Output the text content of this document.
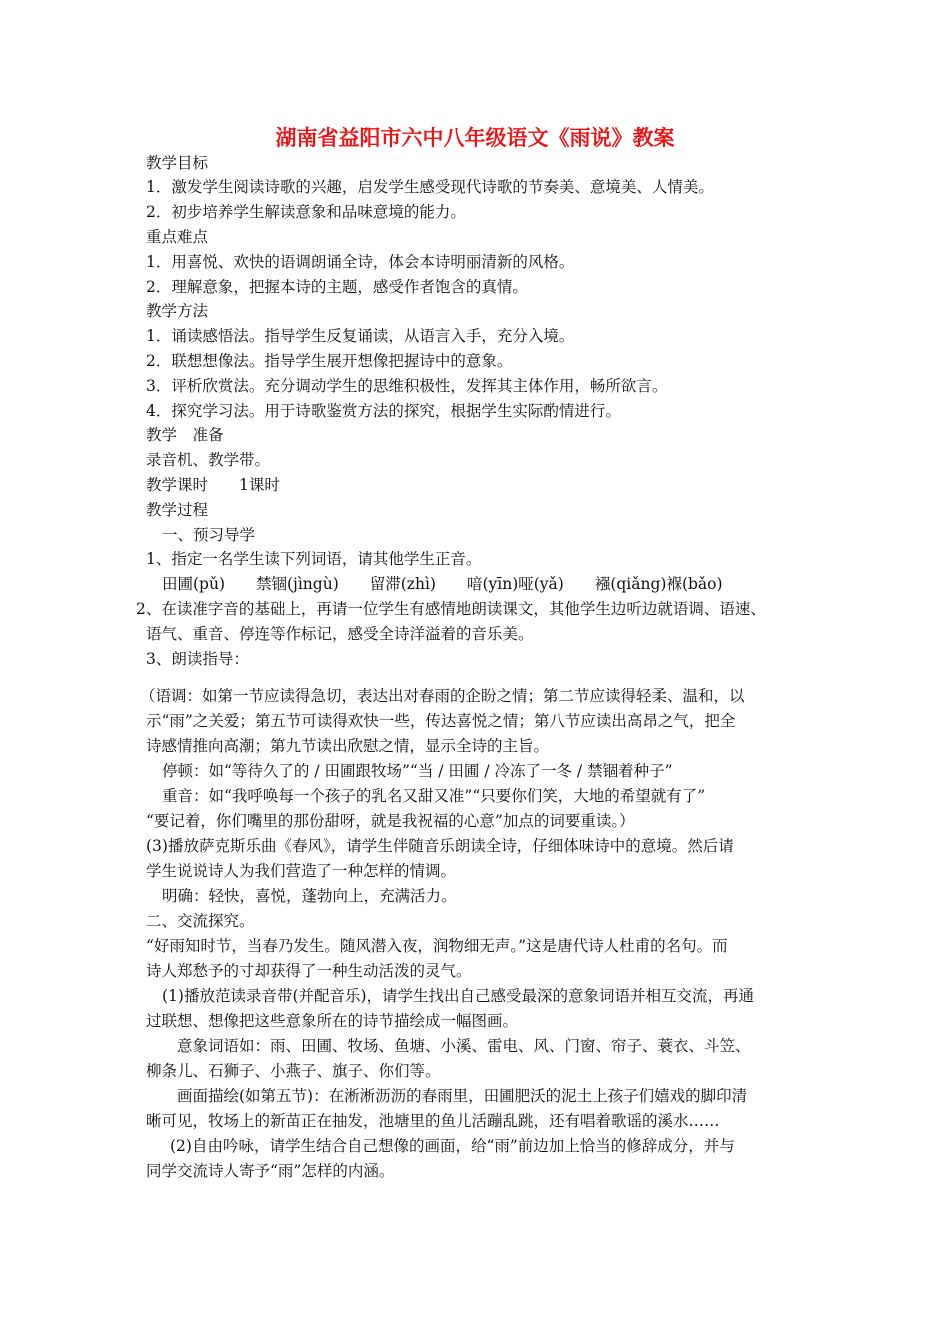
湖南省益阳市六中八年级语文《雨说》教案
教学目标
1．激发学生阅读诗歌的兴趣，启发学生感受现代诗歌的节奏美、意境美、人情美。
2．初步培养学生解读意象和品味意境的能力。
重点难点
1．用喜悦、欢快的语调朗诵全诗，体会本诗明丽清新的风格。
2．理解意象，把握本诗的主题，感受作者饱含的真情。
教学方法
1．诵读感悟法。指导学生反复诵读，从语言入手，充分入境。
2．联想想像法。指导学生展开想像把握诗中的意象。
3．评析欣赏法。充分调动学生的思维积极性，发挥其主体作用，畅所欲言。
4．探究学习法。用于诗歌鉴赏方法的探究，根据学生实际酌情进行。
教学　准备
录音机、教学带。
教学课时　　1课时
教学过程
一、预习导学
1、指定一名学生读下列词语，请其他学生正音。
田圃(pǔ)　　禁锢(jìngù)　　留滞(zhì)　　喑(yīn)哑(yǎ)　　襁(qiǎng)褓(bǎo)
2、在读准字音的基础上，再请一位学生有感情地朗读课文，其他学生边听边就语调、语速、
语气、重音、停连等作标记，感受全诗洋溢着的音乐美。
3、朗读指导：
（语调：如第一节应读得急切，表达出对春雨的企盼之情；第二节应读得轻柔、温和，以
示“雨”之关爱；第五节可读得欢快一些，传达喜悦之情；第八节应读出高昂之气，把全
诗感情推向高潮；第九节读出欣慰之情，显示全诗的主旨。
停顿：如“等待久了的 / 田圃跟牧场”“当 / 田圃 / 冷冻了一冬 / 禁锢着种子”
重音：如“我呼唤每一个孩子的乳名又甜又准”“只要你们笑，大地的希望就有了”
“要记着，你们嘴里的那份甜呀，就是我祝福的心意”加点的词要重读。）
(3)播放萨克斯乐曲《春风》，请学生伴随音乐朗读全诗，仔细体味诗中的意境。然后请
学生说说诗人为我们营造了一种怎样的情调。
明确：轻快，喜悦，蓬勃向上，充满活力。
二、交流探究。
“好雨知时节，当春乃发生。随风潜入夜，润物细无声。”这是唐代诗人杜甫的名句。而
诗人郑愁予的寸却获得了一种生动活泼的灵气。
(1)播放范读录音带(并配音乐)，请学生找出自己感受最深的意象词语并相互交流，再通
过联想、想像把这些意象所在的诗节描绘成一幅图画。
意象词语如：雨、田圃、牧场、鱼塘、小溪、雷电、风、门窗、帘子、蓑衣、斗笠、
柳条儿、石狮子、小燕子、旗子、你们等。
画面描绘(如第五节)：在淅淅沥沥的春雨里，田圃肥沃的泥土上孩子们嬉戏的脚印清
晰可见，牧场上的新苗正在抽发，池塘里的鱼儿活蹦乱跳，还有唱着歌谣的溪水……
(2)自由吟咏，请学生结合自己想像的画面，给“雨”前边加上恰当的修辞成分，并与
同学交流诗人寄予“雨”怎样的内涵。
